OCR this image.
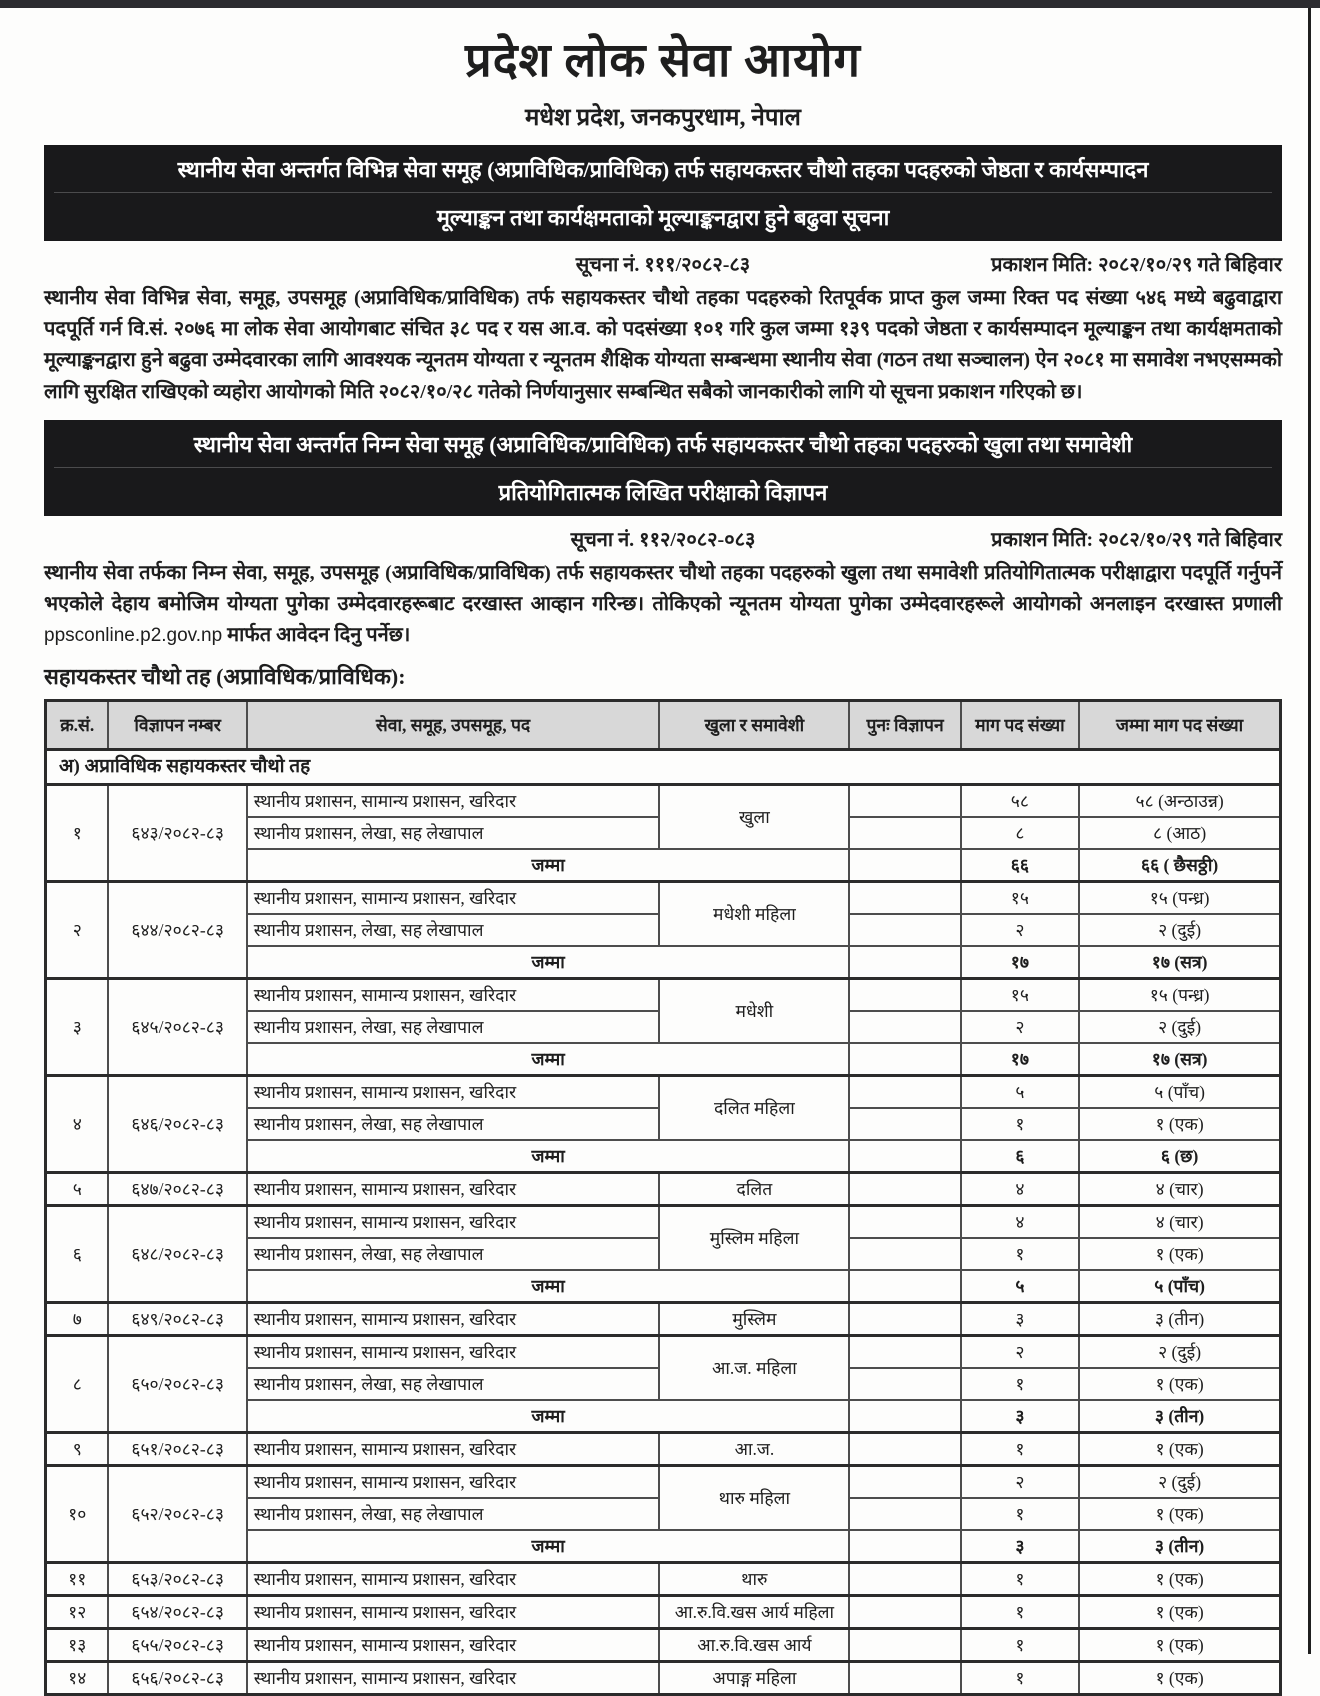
प्रदेश लोक सेवा आयोग
मधेश प्रदेश, जनकपुरधाम, नेपाल
स्थानीय सेवा अन्तर्गत विभिन्न सेवा समूह (अप्राविधिक/प्राविधिक) तर्फ सहायकस्तर चौथो तहका पदहरुको जेष्ठता र कार्यसम्पादन
मूल्याङ्कन तथा कार्यक्षमताको मूल्याङ्कनद्वारा हुने बढुवा सूचना
सूचना नं. १११/२०८२-८३	प्रकाशन मिति: २०८२/१०/२९ गते बिहिवार
स्थानीय सेवा विभिन्न सेवा, समूह, उपसमूह (अप्राविधिक/प्राविधिक) तर्फ सहायकस्तर चौथो तहका पदहरुको रितपूर्वक प्राप्त कुल जम्मा रिक्त पद संख्या ५४६ मध्ये बढुवाद्वारा पदपूर्ति गर्न वि.सं. २०७६ मा लोक सेवा आयोगबाट संचित ३८ पद र यस आ.व. को पदसंख्या १०१ गरि कुल जम्मा १३९ पदको जेष्ठता र कार्यसम्पादन मूल्याङ्कन तथा कार्यक्षमताको मूल्याङ्कनद्वारा हुने बढुवा उम्मेदवारका लागि आवश्यक न्यूनतम योग्यता र न्यूनतम शैक्षिक योग्यता सम्बन्धमा स्थानीय सेवा (गठन तथा सञ्चालन) ऐन २०८१ मा समावेश नभएसम्मको लागि सुरक्षित राखिएको व्यहोरा आयोगको मिति २०८२/१०/२८ गतेको निर्णयानुसार सम्बन्धित सबैको जानकारीको लागि यो सूचना प्रकाशन गरिएको छ।
स्थानीय सेवा अन्तर्गत निम्न सेवा समूह (अप्राविधिक/प्राविधिक) तर्फ सहायकस्तर चौथो तहका पदहरुको खुला तथा समावेशी
प्रतियोगितात्मक लिखित परीक्षाको विज्ञापन
सूचना नं. ११२/२०८२-०८३	प्रकाशन मिति: २०८२/१०/२९ गते बिहिवार
स्थानीय सेवा तर्फका निम्न सेवा, समूह, उपसमूह (अप्राविधिक/प्राविधिक) तर्फ सहायकस्तर चौथो तहका पदहरुको खुला तथा समावेशी प्रतियोगितात्मक परीक्षाद्वारा पदपूर्ति गर्नुपर्ने भएकोले देहाय बमोजिम योग्यता पुगेका उम्मेदवारहरूबाट दरखास्त आव्हान गरिन्छ। तोकिएको न्यूनतम योग्यता पुगेका उम्मेदवारहरूले आयोगको अनलाइन दरखास्त प्रणाली ppsconline.p2.gov.np मार्फत आवेदन दिनु पर्नेछ।
सहायकस्तर चौथो तह (अप्राविधिक/प्राविधिक):
क्र.सं.	विज्ञापन नम्बर	सेवा, समूह, उपसमूह, पद	खुला र समावेशी	पुनः विज्ञापन	माग पद संख्या	जम्मा माग पद संख्या
अ) अप्राविधिक सहायकस्तर चौथो तह						
१	६४३/२०८२-८३	स्थानीय प्रशासन, सामान्य प्रशासन, खरिदार	खुला		५८	५८ (अन्ठाउन्न)
		स्थानीय प्रशासन, लेखा, सह लेखापाल			८	८ (आठ)
		जम्मा			६६	६६ ( छैसठ्ठी)
२	६४४/२०८२-८३	स्थानीय प्रशासन, सामान्य प्रशासन, खरिदार	मधेशी महिला		१५	१५ (पन्ध्र)
		स्थानीय प्रशासन, लेखा, सह लेखापाल			२	२ (दुई)
		जम्मा			१७	१७ (सत्र)
३	६४५/२०८२-८३	स्थानीय प्रशासन, सामान्य प्रशासन, खरिदार	मधेशी		१५	१५ (पन्ध्र)
		स्थानीय प्रशासन, लेखा, सह लेखापाल			२	२ (दुई)
		जम्मा			१७	१७ (सत्र)
४	६४६/२०८२-८३	स्थानीय प्रशासन, सामान्य प्रशासन, खरिदार	दलित महिला		५	५ (पाँच)
		स्थानीय प्रशासन, लेखा, सह लेखापाल			१	१ (एक)
		जम्मा			६	६ (छ)
५	६४७/२०८२-८३	स्थानीय प्रशासन, सामान्य प्रशासन, खरिदार	दलित		४	४ (चार)
६	६४८/२०८२-८३	स्थानीय प्रशासन, सामान्य प्रशासन, खरिदार	मुस्लिम महिला		४	४ (चार)
		स्थानीय प्रशासन, लेखा, सह लेखापाल			१	१ (एक)
		जम्मा			५	५ (पाँच)
७	६४९/२०८२-८३	स्थानीय प्रशासन, सामान्य प्रशासन, खरिदार	मुस्लिम		३	३ (तीन)
८	६५०/२०८२-८३	स्थानीय प्रशासन, सामान्य प्रशासन, खरिदार	आ.ज. महिला		२	२ (दुई)
		स्थानीय प्रशासन, लेखा, सह लेखापाल			१	१ (एक)
		जम्मा			३	३ (तीन)
९	६५१/२०८२-८३	स्थानीय प्रशासन, सामान्य प्रशासन, खरिदार	आ.ज.		१	१ (एक)
१०	६५२/२०८२-८३	स्थानीय प्रशासन, सामान्य प्रशासन, खरिदार	थारु महिला		२	२ (दुई)
		स्थानीय प्रशासन, लेखा, सह लेखापाल			१	१ (एक)
		जम्मा			३	३ (तीन)
११	६५३/२०८२-८३	स्थानीय प्रशासन, सामान्य प्रशासन, खरिदार	थारु		१	१ (एक)
१२	६५४/२०८२-८३	स्थानीय प्रशासन, सामान्य प्रशासन, खरिदार	आ.रु.वि.खस आर्य महिला		१	१ (एक)
१३	६५५/२०८२-८३	स्थानीय प्रशासन, सामान्य प्रशासन, खरिदार	आ.रु.वि.खस आर्य		१	१ (एक)
१४	६५६/२०८२-८३	स्थानीय प्रशासन, सामान्य प्रशासन, खरिदार	अपाङ्ग महिला		१	१ (एक)
